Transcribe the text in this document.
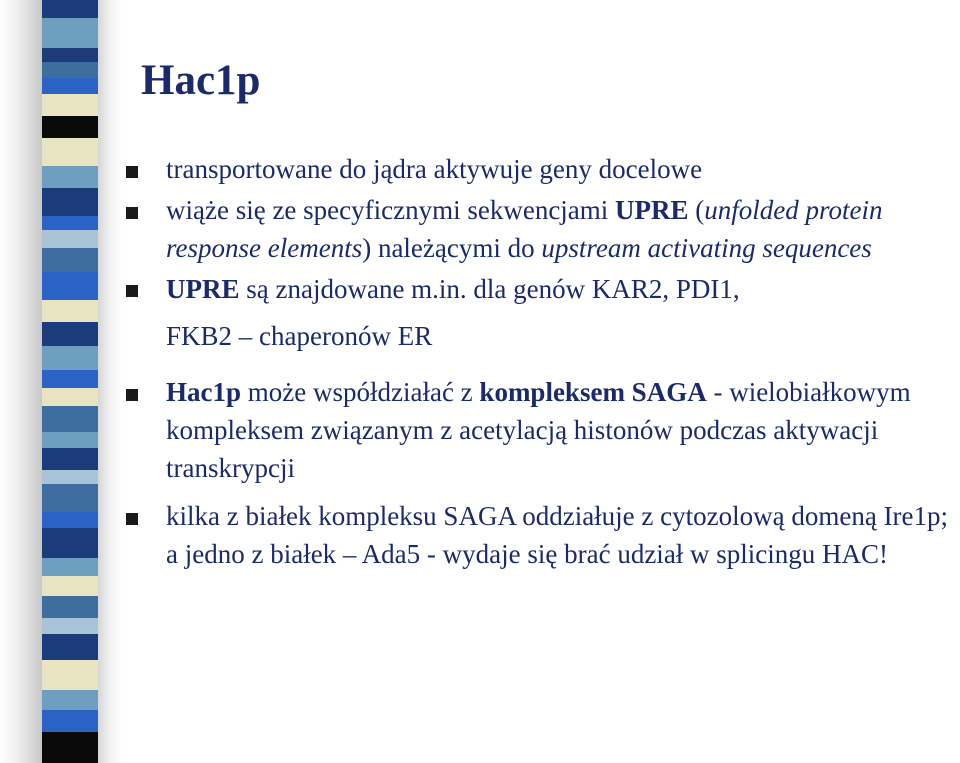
Hac1p
transportowane do jądra aktywuje geny docelowe
wiąże się ze specyficznymi sekwencjami UPRE (unfolded protein response elements) należącymi do upstream activating sequences
UPRE są znajdowane m.in. dla genów KAR2, PDI1,
FKB2 – chaperonów ER
Hac1p może współdziałać z kompleksem SAGA - wielobiałkowym kompleksem związanym z acetylacją histonów podczas aktywacji transkrypcji
kilka z białek kompleksu SAGA oddziałuje z cytozolową domeną Ire1p; a jedno z białek – Ada5 - wydaje się brać udział w splicingu HAC!
